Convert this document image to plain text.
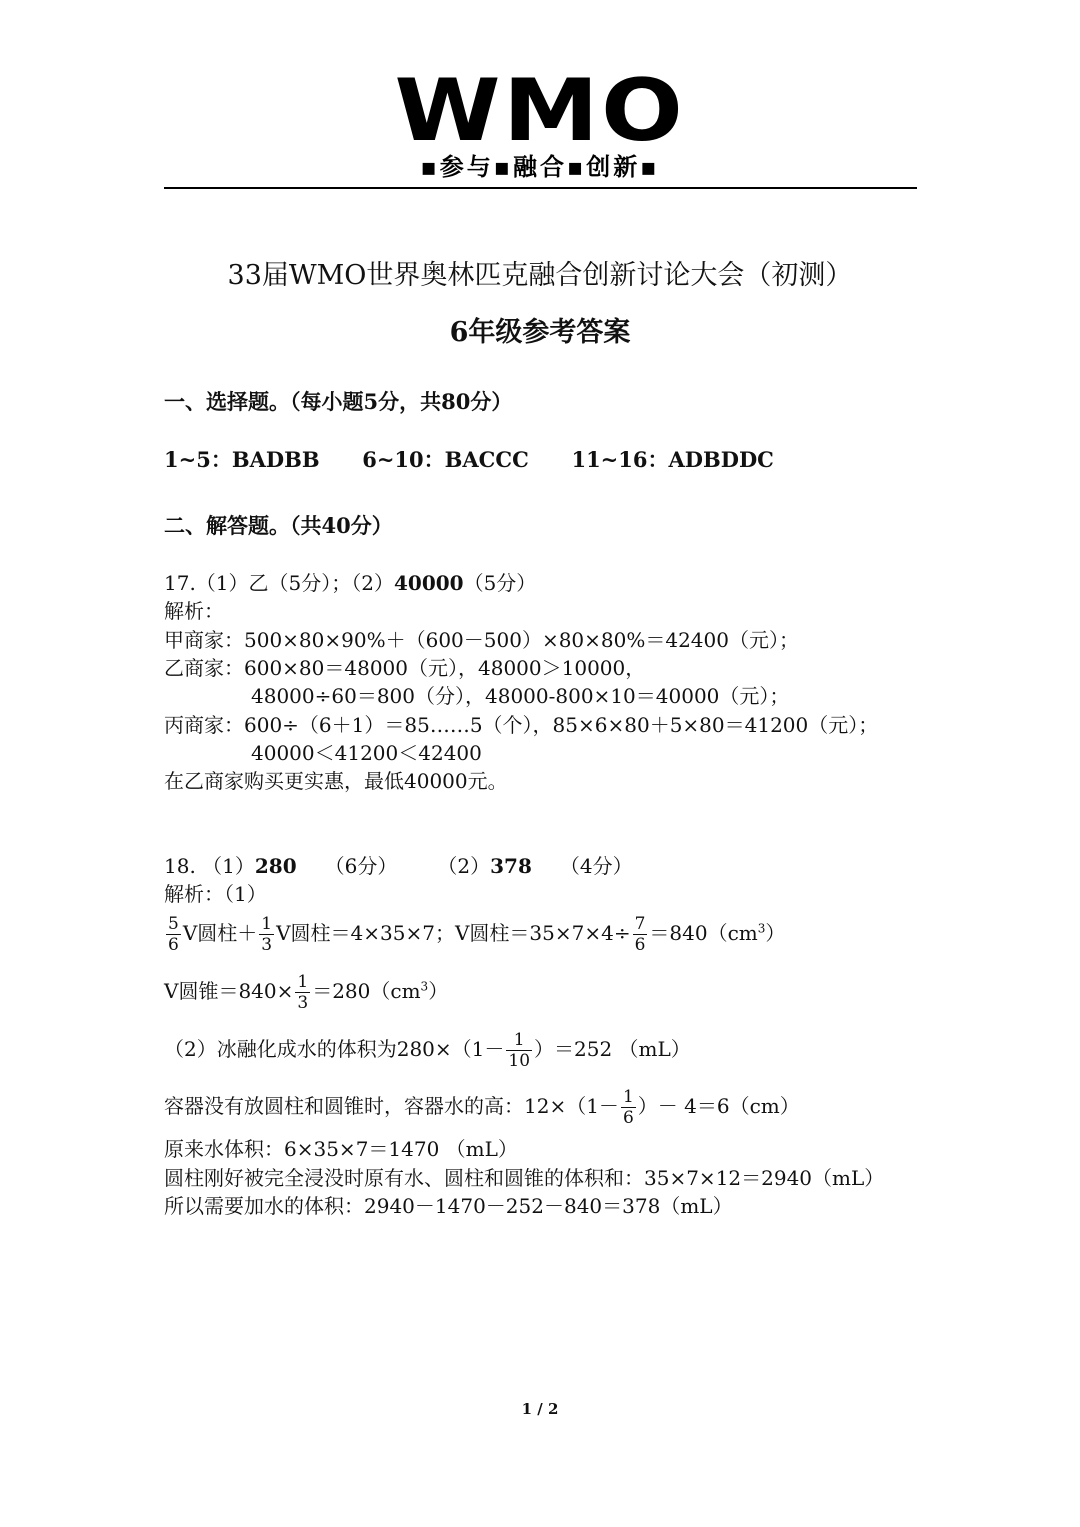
WMO
▪参与▪融合▪创新▪
33届WMO世界奥林匹克融合创新讨论大会（初测）
6年级参考答案
一、选择题。（每小题5分，共80分）
1~5：BADBB 6~10：BACCC 11~16：ADBDDC
二、解答题。（共40分）
17.（1）乙（5分）；（2）40000（5分）
解析：
甲商家：500×80×90%＋（600－500）×80×80%＝42400（元）；
乙商家：600×80＝48000（元），48000＞10000，
48000÷60＝800（分），48000-800×10＝40000（元）；
丙商家：600÷（6＋1）＝85……5（个），85×6×80＋5×80＝41200（元）；
40000＜41200＜42400
在乙商家购买更实惠，最低40000元。
18. （1）280 （6分） （2）378 （4分）
解析：（1）
$\frac{5}{6}$ V圆柱＋ $\frac{1}{3}$ V圆柱＝4×35×7；V圆柱$=35\times 7\times 4\div \frac{7}{6} =840(cm^3)$
V圆锥$=840\times \frac{1}{3} =280(cm^3)$
（2）冰融化成水的体积为$280\times(1- \frac{1}{10} )=252$ （mL）
容器没有放圆柱和圆锥时，容器水的高：$12\times(1- \frac{1}{6}$ ）－ 4＝6（cm）
原来水体积：6×35×7＝1470 （mL）
圆柱刚好被完全浸没时原有水、圆柱和圆锥的体积和：35×7×12＝2940（mL）
所以需要加水的体积：2940－1470－252－840＝378（mL）
1 / 2
